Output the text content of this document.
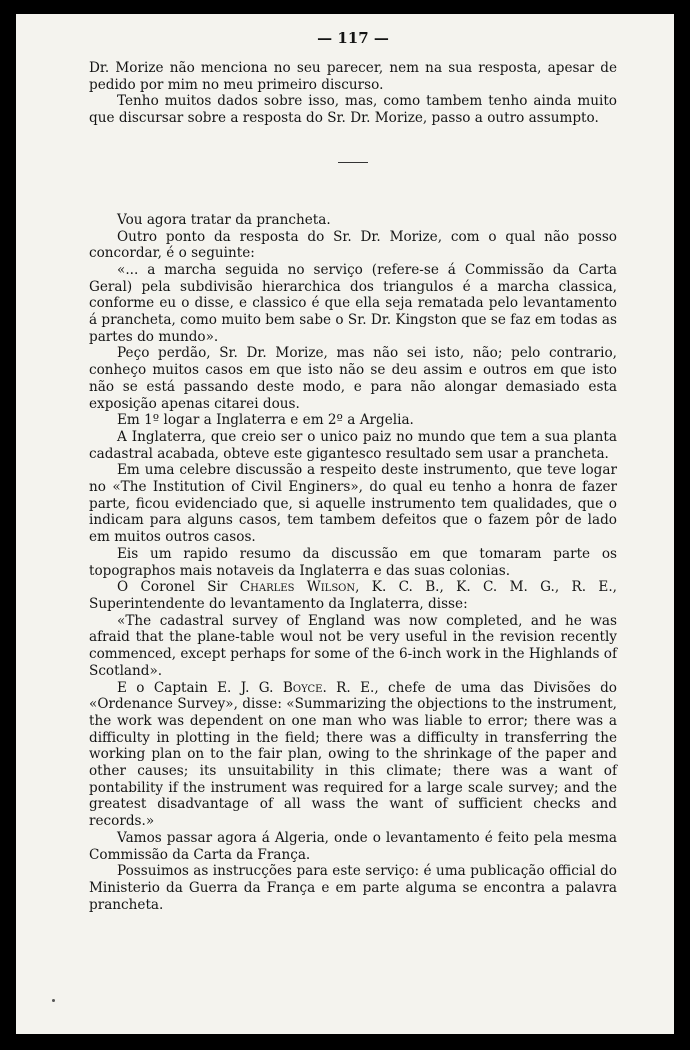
— 117 —

Dr. Morize não menciona no seu parecer, nem na sua resposta, apesar de pedido por mim no meu primeiro discurso.

Tenho muitos dados sobre isso, mas, como tambem tenho ainda muito que discursar sobre a resposta do Sr. Dr. Morize, passo a outro assumpto.

Vou agora tratar da prancheta.

Outro ponto da resposta do Sr. Dr. Morize, com o qual não posso concordar, é o seguinte:

«... a marcha seguida no serviço (refere-se á Commissão da Carta Geral) pela subdivisão hierarchica dos triangulos é a marcha classica, conforme eu o disse, e classico é que ella seja rematada pelo levantamento á prancheta, como muito bem sabe o Sr. Dr. Kingston que se faz em todas as partes do mundo».

Peço perdão, Sr. Dr. Morize, mas não sei isto, não; pelo contrario, conheço muitos casos em que isto não se deu assim e outros em que isto não se está passando deste modo, e para não alongar demasiado esta exposição apenas citarei dous.

Em 1º logar a Inglaterra e em 2º a Argelia.

A Inglaterra, que creio ser o unico paiz no mundo que tem a sua planta cadastral acabada, obteve este gigantesco resultado sem usar a prancheta.

Em uma celebre discussão a respeito deste instrumento, que teve logar no «The Institution of Civil Enginers», do qual eu tenho a honra de fazer parte, ficou evidenciado que, si aquelle instrumento tem qualidades, que o indicam para alguns casos, tem tambem defeitos que o fazem pôr de lado em muitos outros casos.

Eis um rapido resumo da discussão em que tomaram parte os topographos mais notaveis da Inglaterra e das suas colonias.

O Coronel Sir Charles Wilson, K. C. B., K. C. M. G., R. E., Superintendente do levantamento da Inglaterra, disse:

«The cadastral survey of England was now completed, and he was afraid that the plane-table woul not be very useful in the revision recently commenced, except perhaps for some of the 6-inch work in the Highlands of Scotland».

E o Captain E. J. G. Boyce. R. E., chefe de uma das Divisões do «Ordenance Survey», disse: «Summarizing the objections to the instrument, the work was dependent on one man who was liable to error; there was a difficulty in plotting in the field; there was a difficulty in transferring the working plan on to the fair plan, owing to the shrinkage of the paper and other causes; its unsuitability in this climate; there was a want of pontability if the instrument was required for a large scale survey; and the greatest disadvantage of all wass the want of sufficient checks and records.»

Vamos passar agora á Algeria, onde o levantamento é feito pela mesma Commissão da Carta da França.

Possuimos as instrucções para este serviço: é uma publicação official do Ministerio da Guerra da França e em parte alguma se encontra a palavra prancheta.
